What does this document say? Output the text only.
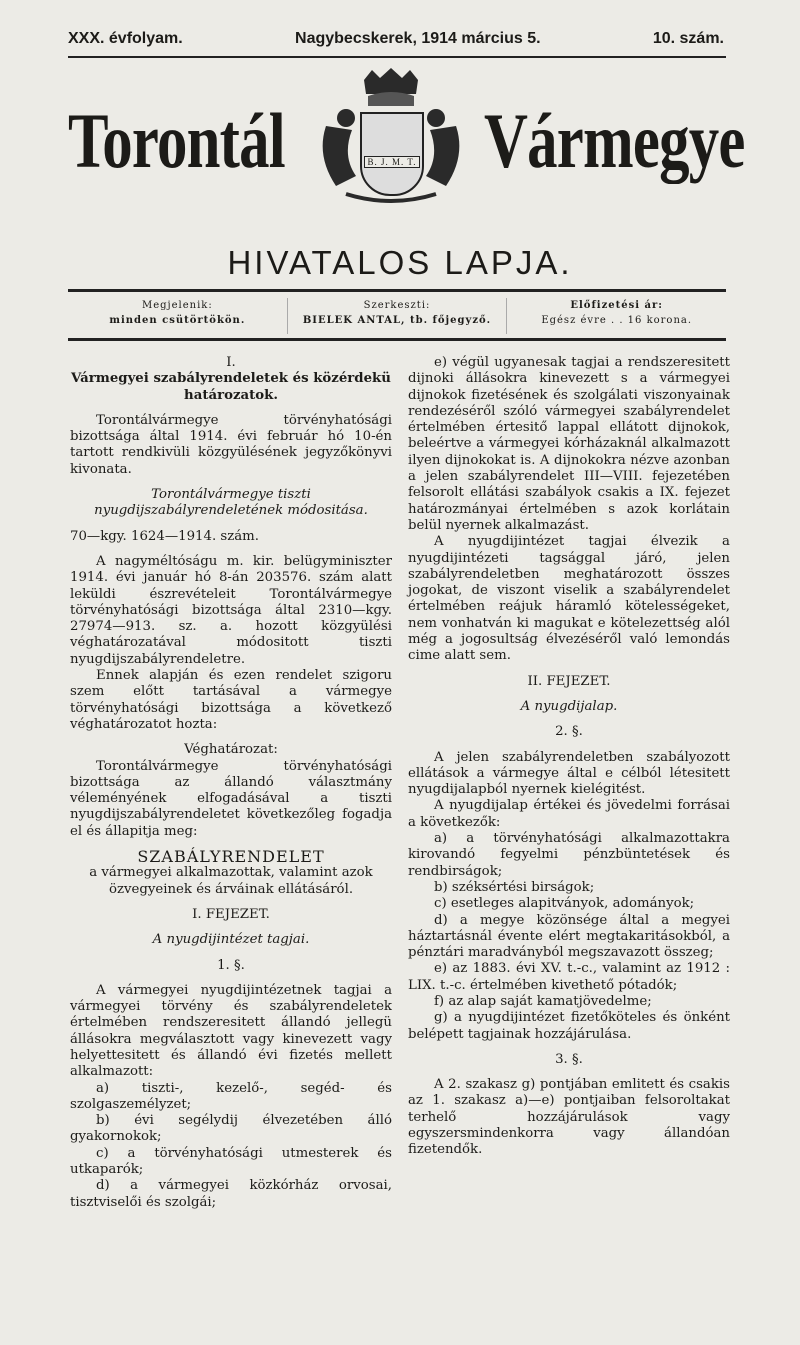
XXX. évfolyam.	Nagybecskerek, 1914 március 5.	10. szám.
Torontál	B. J. M. T. Vármegye
HIVATALOS LAPJA.
Megjelenik:
minden csütörtökön.
Szerkeszti:
BIELEK ANTAL, tb. főjegyző.
Előfizetési ár:
Egész évre . . 16 korona.

I.

Vármegyei szabályrendeletek és közérdekü határozatok.

Torontálvármegye törvényhatósági bizottsága által 1914. évi február hó 10-én tartott rendkivüli közgyülésének jegyzőkönyvi kivonata.

Torontálvármegye tiszti nyugdijszabályrendeletének módositása.

70—kgy. 1624—1914. szám.

A nagyméltóságu m. kir. belügyminiszter 1914. évi január hó 8-án 203576. szám alatt leküldi észrevételeit Torontálvármegye törvényhatósági bizottsága által 2310—kgy. 27974—913. sz. a. hozott közgyülési véghatározatával módositott tiszti nyugdijszabályrendeletre.

Ennek alapján és ezen rendelet szigoru szem előtt tartásával a vármegye törvényhatósági bizottsága a következő véghatározatot hozta:

Véghatározat:

Torontálvármegye törvényhatósági bizottsága az állandó választmány véleményének elfogadásával a tiszti nyugdijszabályrendeletet következőleg fogadja el és állapitja meg:

SZABÁLYRENDELET

a vármegyei alkalmazottak, valamint azok özvegyeinek és árváinak ellátásáról.

I. FEJEZET.

A nyugdijintézet tagjai.

1. §.

A vármegyei nyugdijintézetnek tagjai a vármegyei törvény és szabályrendeletek értelmében rendszeresitett állandó jellegü állásokra megválasztott vagy kinevezett vagy helyettesitett és állandó évi fizetés mellett alkalmazott:

a) tiszti-, kezelő-, segéd- és szolgaszemélyzet;

b) évi segélydij élvezetében álló gyakornokok;

c) a törvényhatósági utmesterek és utkaparók;

d) a vármegyei közkórház orvosai, tisztviselői és szolgái;

e) végül ugyanesak tagjai a rendszeresitett dijnoki állásokra kinevezett s a vármegyei dijnokok fizetésének és szolgálati viszonyainak rendezéséről szóló vármegyei szabályrendelet értelmében értesitő lappal ellátott dijnokok, beleértve a vármegyei kórházaknál alkalmazott ilyen dijnokokat is. A dijnokokra nézve azonban a jelen szabályrendelet III—VIII. fejezetében felsorolt ellátási szabályok csakis a IX. fejezet határozmányai értelmében s azok korlátain belül nyernek alkalmazást.

A nyugdijintézet tagjai élvezik a nyugdijintézeti tagsággal járó, jelen szabályrendeletben meghatározott összes jogokat, de viszont viselik a szabályrendelet értelmében reájuk háramló kötelességeket, nem vonhatván ki magukat e kötelezettség alól még a jogosultság élvezéséről való lemondás cime alatt sem.

II. FEJEZET.

A nyugdijalap.

2. §.

A jelen szabályrendeletben szabályozott ellátások a vármegye által e célból létesitett nyugdijalapból nyernek kielégitést.

A nyugdijalap értékei és jövedelmi forrásai a következők:

a) a törvényhatósági alkalmazottakra kirovandó fegyelmi pénzbüntetések és rendbirságok;

b) széksértési birságok;

c) esetleges alapitványok, adományok;

d) a megye közönsége által a megyei háztartásnál évente elért megtakaritásokból, a pénztári maradványból megszavazott összeg;

e) az 1883. évi XV. t.-c., valamint az 1912 : LIX. t.-c. értelmében kivethető pótadók;

f) az alap saját kamatjövedelme;

g) a nyugdijintézet fizetőköteles és önként belépett tagjainak hozzájárulása.

3. §.

A 2. szakasz g) pontjában emlitett és csakis az 1. szakasz a)—e) pontjaiban felsoroltakat terhelő hozzájárulások vagy egyszersmindenkorra vagy állandóan fizetendők.
